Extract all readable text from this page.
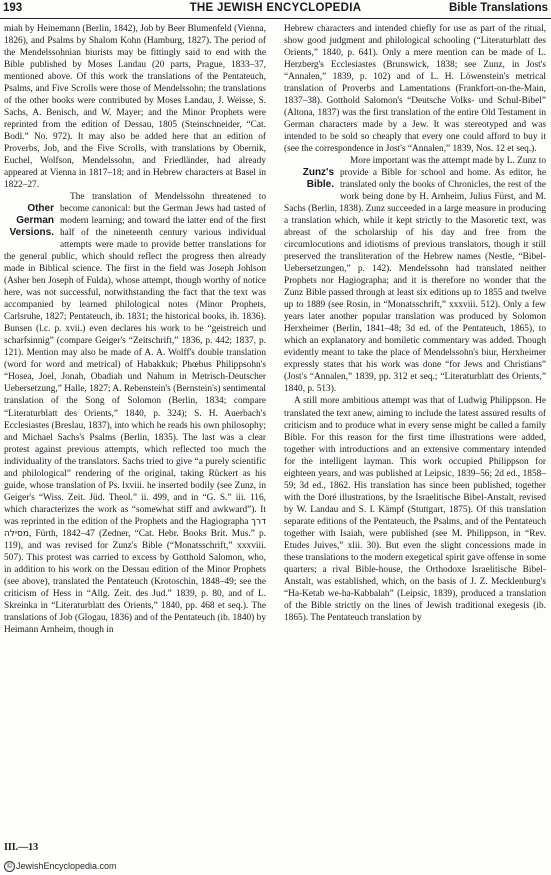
193	THE JEWISH ENCYCLOPEDIA	Bible Translations

miah by Heinemann (Berlin, 1842), Job by Beer Blumenfeld (Vienna, 1826), and Psalms by Shalom Kohn (Hamburg, 1827). The period of the Mendelssohnian biurists may be fittingly said to end with the Bible published by Moses Landau (20 parts, Prague, 1833–37, mentioned above. Of this work the translations of the Pentateuch, Psalms, and Five Scrolls were those of Mendelssohn; the translations of the other books were contributed by Moses Landau, J. Weisse, S. Sachs, A. Benisch, and W. Mayer; and the Minor Prophets were reprinted from the edition of Dessau, 1805 (Steinschneider, “Cat. Bodl.” No. 972). It may also be added here that an edition of Proverbs, Job, and the Five Scrolls, with translations by Obernik, Euchel, Wolfson, Mendelssohn, and Friedländer, had already appeared at Vienna in 1817–18; and in Hebrew characters at Basel in 1822–27.

Other German Versions.
The translation of Mendelssohn threatened to become canonical: but the German Jews had tasted of modern learning; and toward the latter end of the first half of the nineteenth century various individual attempts were made to provide better translations for the general public, which should reflect the progress then already made in Biblical science. The first in the field was Joseph Johlson (Asher ben Joseph of Fulda), whose attempt, though worthy of notice here, was not successful, notwithstanding the fact that the text was accompanied by learned philological notes (Minor Prophets, Carlsruhe, 1827; Pentateuch, ib. 1831; the historical books, ib. 1836). Bunsen (l.c. p. xvii.) even declares his work to be “geistreich und scharfsinnig” (compare Geiger's “Zeitschrift,” 1836, p. 442; 1837, p. 121). Mention may also be made of A. A. Wolff's double translation (word for word and metrical) of Habakkuk; Phœbus Philippsohn's “Hosea, Joel, Jonah, Obadiah und Nahum in Metrisch-Deutscher Uebersetzung,” Halle, 1827; A. Rebenstein's (Bernstein's) sentimental translation of the Song of Solomon (Berlin, 1834; compare “Literaturblatt des Orients,” 1840, p. 324); S. H. Auerbach's Ecclesiastes (Breslau, 1837), into which he reads his own philosophy; and Michael Sachs's Psalms (Berlin, 1835). The last was a clear protest against previous attempts, which reflected too much the individuality of the translators. Sachs tried to give “a purely scientific and philological” rendering of the original, taking Rückert as his guide, whose translation of Ps. lxviii. he inserted bodily (see Zunz, in Geiger's “Wiss. Zeit. Jüd. Theol.” ii. 499, and in “G. S.” iii. 116, which characterizes the work as “somewhat stiff and awkward”). It was reprinted in the edition of the Prophets and the Hagiographa דרך מסילה, Fürth, 1842–47 (Zedner, “Cat. Hebr. Books Brit. Mus.” p. 119), and was revised for Zunz's Bible (“Monatsschrift,” xxxviii. 507). This protest was carried to excess by Gotthold Salomon, who, in addition to his work on the Dessau edition of the Minor Prophets (see above), translated the Pentateuch (Krotoschin, 1848–49; see the criticism of Hess in “Allg. Zeit. des Jud.” 1839, p. 80, and of L. Skreinka in “Literaturblatt des Orients,” 1840, pp. 468 et seq.). The translations of Job (Glogau, 1836) and of the Pentateuch (ib. 1840) by Heimann Arnheim, though in

III.—13

Hebrew characters and intended chiefly for use as part of the ritual, show good judgment and philological schooling (“Literaturblatt des Orients,” 1840, p. 641). Only a mere mention can be made of L. Herzberg's Ecclesiastes (Brunswick, 1838; see Zunz, in Jost's “Annalen,” 1839, p. 102) and of L. H. Löwenstein's metrical translation of Proverbs and Lamentations (Frankfort-on-the-Main, 1837–38). Gotthold Salomon's “Deutsche Volks- und Schul-Bibel” (Altona, 1837) was the first translation of the entire Old Testament in German characters made by a Jew. It was stereotyped and was intended to be sold so cheaply that every one could afford to buy it (see the correspondence in Jost's “Annalen,” 1839, Nos. 12 et seq.).

Zunz's Bible.
More important was the attempt made by L. Zunz to provide a Bible for school and home. As editor, he translated only the books of Chronicles, the rest of the work being done by H. Arnheim, Julius Fürst, and M. Sachs (Berlin, 1838). Zunz succeeded in a large measure in producing a translation which, while it kept strictly to the Masoretic text, was abreast of the scholarship of his day and free from the circumlocutions and idiotisms of previous translators, though it still preserved the transliteration of the Hebrew names (Nestle, “Bibel-Uebersetzungen,” p. 142). Mendelssohn had translated neither Prophets nor Hagiographa; and it is therefore no wonder that the Zunz Bible passed through at least six editions up to 1855 and twelve up to 1889 (see Rosin, in “Monatsschrift,” xxxviii. 512). Only a few years later another popular translation was produced by Solomon Herxheimer (Berlin, 1841–48; 3d ed. of the Pentateuch, 1865), to which an explanatory and homiletic commentary was added. Though evidently meant to take the place of Mendelssohn's biur, Herxheimer expressly states that his work was done “for Jews and Christians” (Jost's “Annalen,” 1839, pp. 312 et seq.; “Literaturblatt des Orients,” 1840, p. 513).

A still more ambitious attempt was that of Ludwig Philippson. He translated the text anew, aiming to include the latest assured results of criticism and to produce what in every sense might be called a family Bible. For this reason for the first time illustrations were added, together with introductions and an extensive commentary intended for the intelligent layman. This work occupied Philippson for eighteen years, and was published at Leipsic, 1839–56; 2d ed., 1858–59; 3d ed., 1862. His translation has since been published, together with the Doré illustrations, by the Israelitische Bibel-Anstalt, revised by W. Landau and S. I. Kämpf (Stuttgart, 1875). Of this translation separate editions of the Pentateuch, the Psalms, and of the Pentateuch together with Isaiah, were published (see M. Philippson, in “Rev. Etudes Juives,” xlii. 30). But even the slight concessions made in these translations to the modern exegetical spirit gave offense in some quarters; a rival Bible-house, the Orthodoxe Israelitische Bibel-Anstalt, was established, which, on the basis of J. Z. Mecklenburg's “Ha-Ketab we-ha-Kabbalah” (Leipsic, 1839), produced a translation of the Bible strictly on the lines of Jewish traditional exegesis (ib. 1865). The Pentateuch translation by

© JewishEncyclopedia.com
